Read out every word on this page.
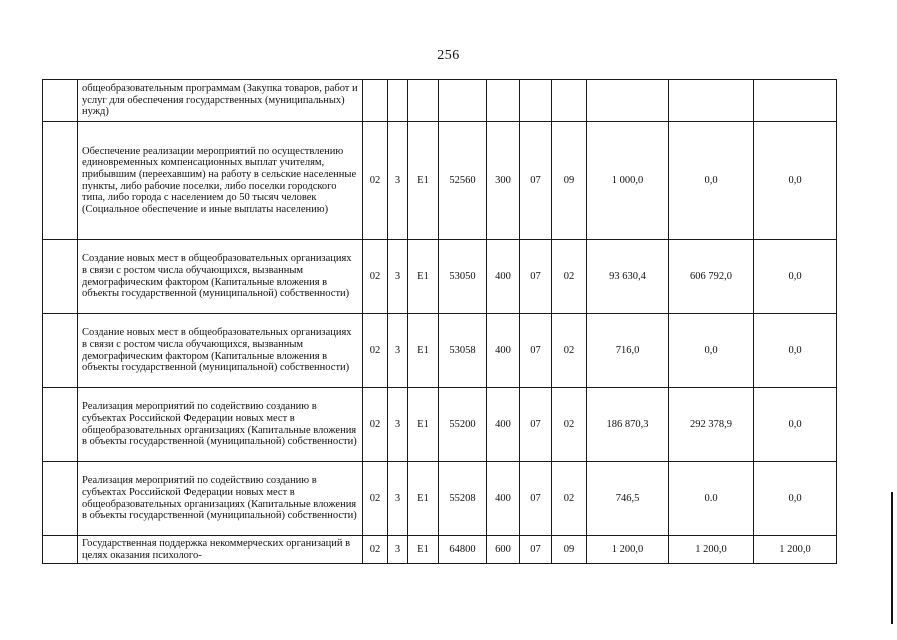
256
	общеобразовательным программам (Закупка товаров, работ и услуг для обеспечения государственных (муниципальных) нужд)										
	Обеспечение реализации мероприятий по осуществлению единовременных компенсационных выплат учителям, прибывшим (переехавшим) на работу в сельские населенные пункты, либо рабочие поселки, либо поселки городского типа, либо города с населением до 50 тысяч человек (Социальное обеспечение и иные выплаты населению)	02	3	E1	52560	300	07	09	1 000,0	0,0	0,0
	Создание новых мест в общеобразовательных организациях в связи с ростом числа обучающихся, вызванным демографическим фактором (Капитальные вложения в объекты государственной (муниципальной) собственности)	02	3	E1	53050	400	07	02	93 630,4	606 792,0	0,0
	Создание новых мест в общеобразовательных организациях в связи с ростом числа обучающихся, вызванным демографическим фактором (Капитальные вложения в объекты государственной (муниципальной) собственности)	02	3	E1	53058	400	07	02	716,0	0,0	0,0
	Реализация мероприятий по содействию созданию в субъектах Российской Федерации новых мест в общеобразовательных организациях (Капитальные вложения в объекты государственной (муниципальной) собственности)	02	3	E1	55200	400	07	02	186 870,3	292 378,9	0,0
	Реализация мероприятий по содействию созданию в субъектах Российской Федерации новых мест в общеобразовательных организациях (Капитальные вложения в объекты государственной (муниципальной) собственности)	02	3	E1	55208	400	07	02	746,5	0.0	0,0
	Государственная поддержка некоммерческих организаций в целях оказания психолого-	02	3	E1	64800	600	07	09	1 200,0	1 200,0	1 200,0
